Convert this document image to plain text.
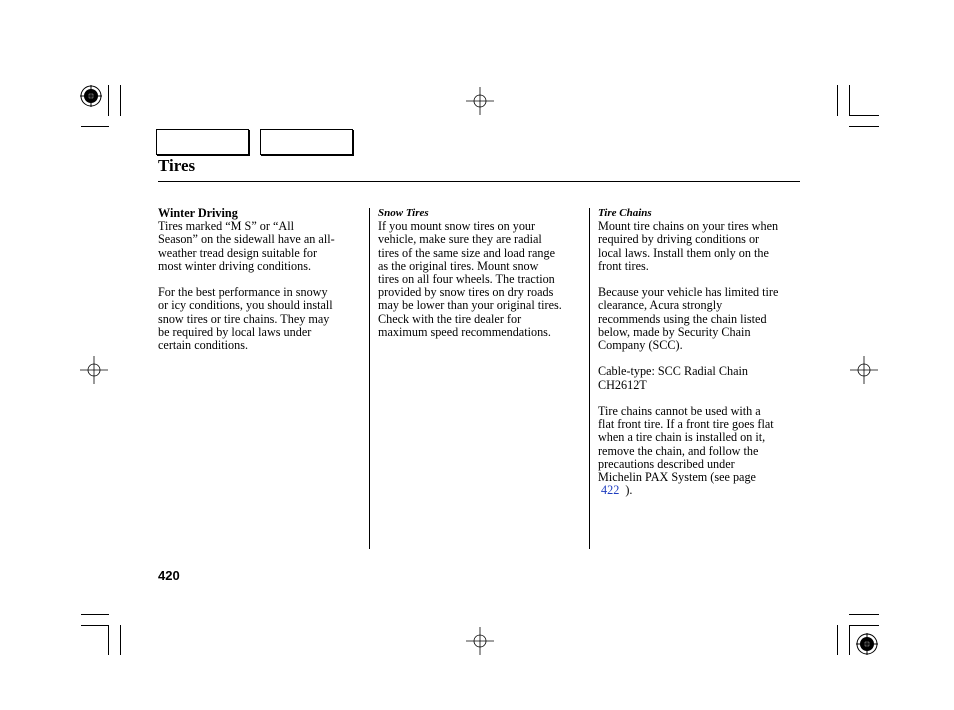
Tires

Winter Driving

Tires marked “M S” or “All
Season” on the sidewall have an all-
weather tread design suitable for
most winter driving conditions.

For the best performance in snowy
or icy conditions, you should install
snow tires or tire chains. They may
be required by local laws under
certain conditions.

Snow Tires

If you mount snow tires on your
vehicle, make sure they are radial
tires of the same size and load range
as the original tires. Mount snow
tires on all four wheels. The traction
provided by snow tires on dry roads
may be lower than your original tires.
Check with the tire dealer for
maximum speed recommendations.

Tire Chains

Mount tire chains on your tires when
required by driving conditions or
local laws. Install them only on the
front tires.

Because your vehicle has limited tire
clearance, Acura strongly
recommends using the chain listed
below, made by Security Chain
Company (SCC).

Cable-type: SCC Radial Chain
CH2612T

Tire chains cannot be used with a
flat front tire. If a front tire goes flat
when a tire chain is installed on it,
remove the chain, and follow the
precautions described under
Michelin PAX System (see page

422 ).

420
